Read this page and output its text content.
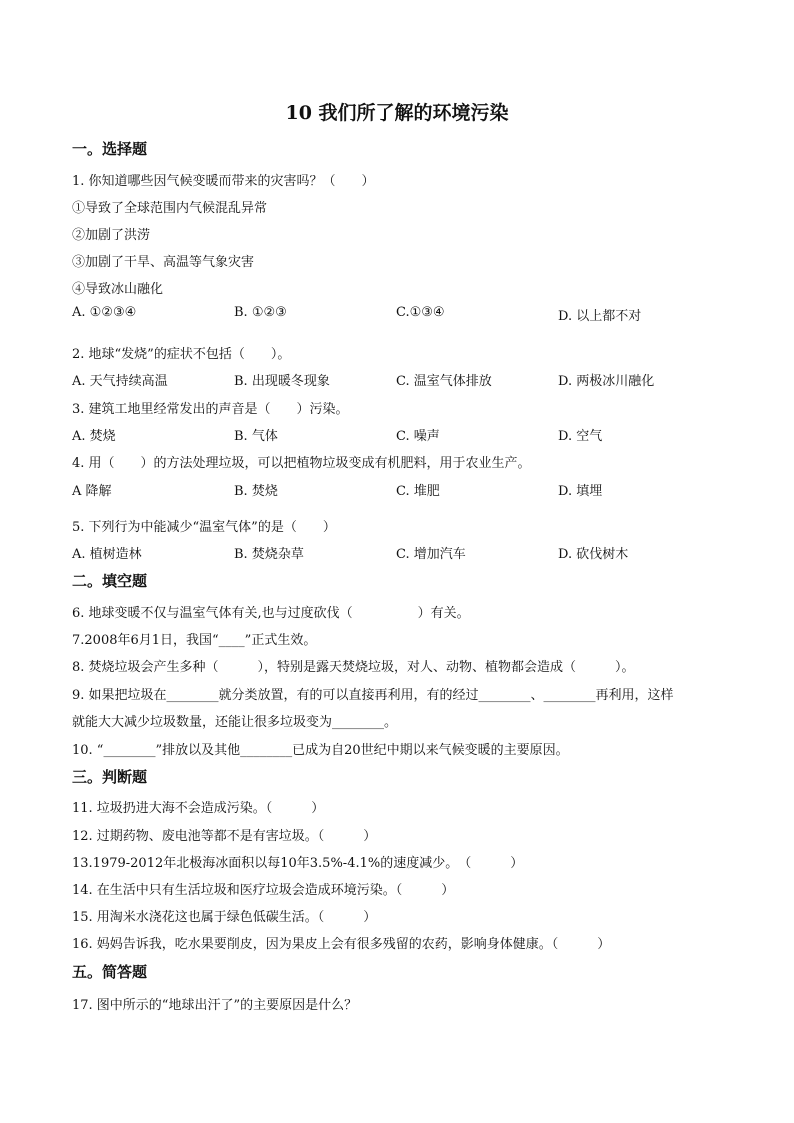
10 我们所了解的环境污染
一。选择题
1. 你知道哪些因气候变暖而带来的灾害吗？（　　）
①导致了全球范围内气候混乱异常
②加剧了洪涝
③加剧了干旱、高温等气象灾害
④导致冰山融化
A. ①②③④	B. ①②③	C.①③④	D. 以上都不对
2. 地球“发烧”的症状不包括（　　）。
A. 天气持续高温	B. 出现暖冬现象	C. 温室气体排放	D. 两极冰川融化
3. 建筑工地里经常发出的声音是（　　）污染。
A. 焚烧	B. 气体	C. 噪声	D. 空气
4. 用（　　）的方法处理垃圾，可以把植物垃圾变成有机肥料，用于农业生产。
A 降解	B. 焚烧	C. 堆肥	D. 填埋
5. 下列行为中能减少“温室气体”的是（　　）
A. 植树造林	B. 焚烧杂草	C. 增加汽车	D. 砍伐树木
二。填空题
6. 地球变暖不仅与温室气体有关,也与过度砍伐（　　　　　）有关。
7.2008年6月1日，我国“____”正式生效。
8. 焚烧垃圾会产生多种（　　　），特别是露天焚烧垃圾，对人、动物、植物都会造成（　　　）。
9. 如果把垃圾在________就分类放置，有的可以直接再利用，有的经过________、________再利用，这样
就能大大减少垃圾数量，还能让很多垃圾变为________。
10. “________”排放以及其他________已成为自20世纪中期以来气候变暖的主要原因。
三。判断题
11. 垃圾扔进大海不会造成污染。（　　　）
12. 过期药物、废电池等都不是有害垃圾。（　　　）
13.1979-2012年北极海冰面积以每10年3.5%-4.1%的速度减少。　（　　　）
14. 在生活中只有生活垃圾和医疗垃圾会造成环境污染。（　　　）
15. 用淘米水浇花这也属于绿色低碳生活。（　　　）
16. 妈妈告诉我，吃水果要削皮，因为果皮上会有很多残留的农药，影响身体健康。（　　　）
五。简答题
17. 图中所示的“地球出汗了”的主要原因是什么？
